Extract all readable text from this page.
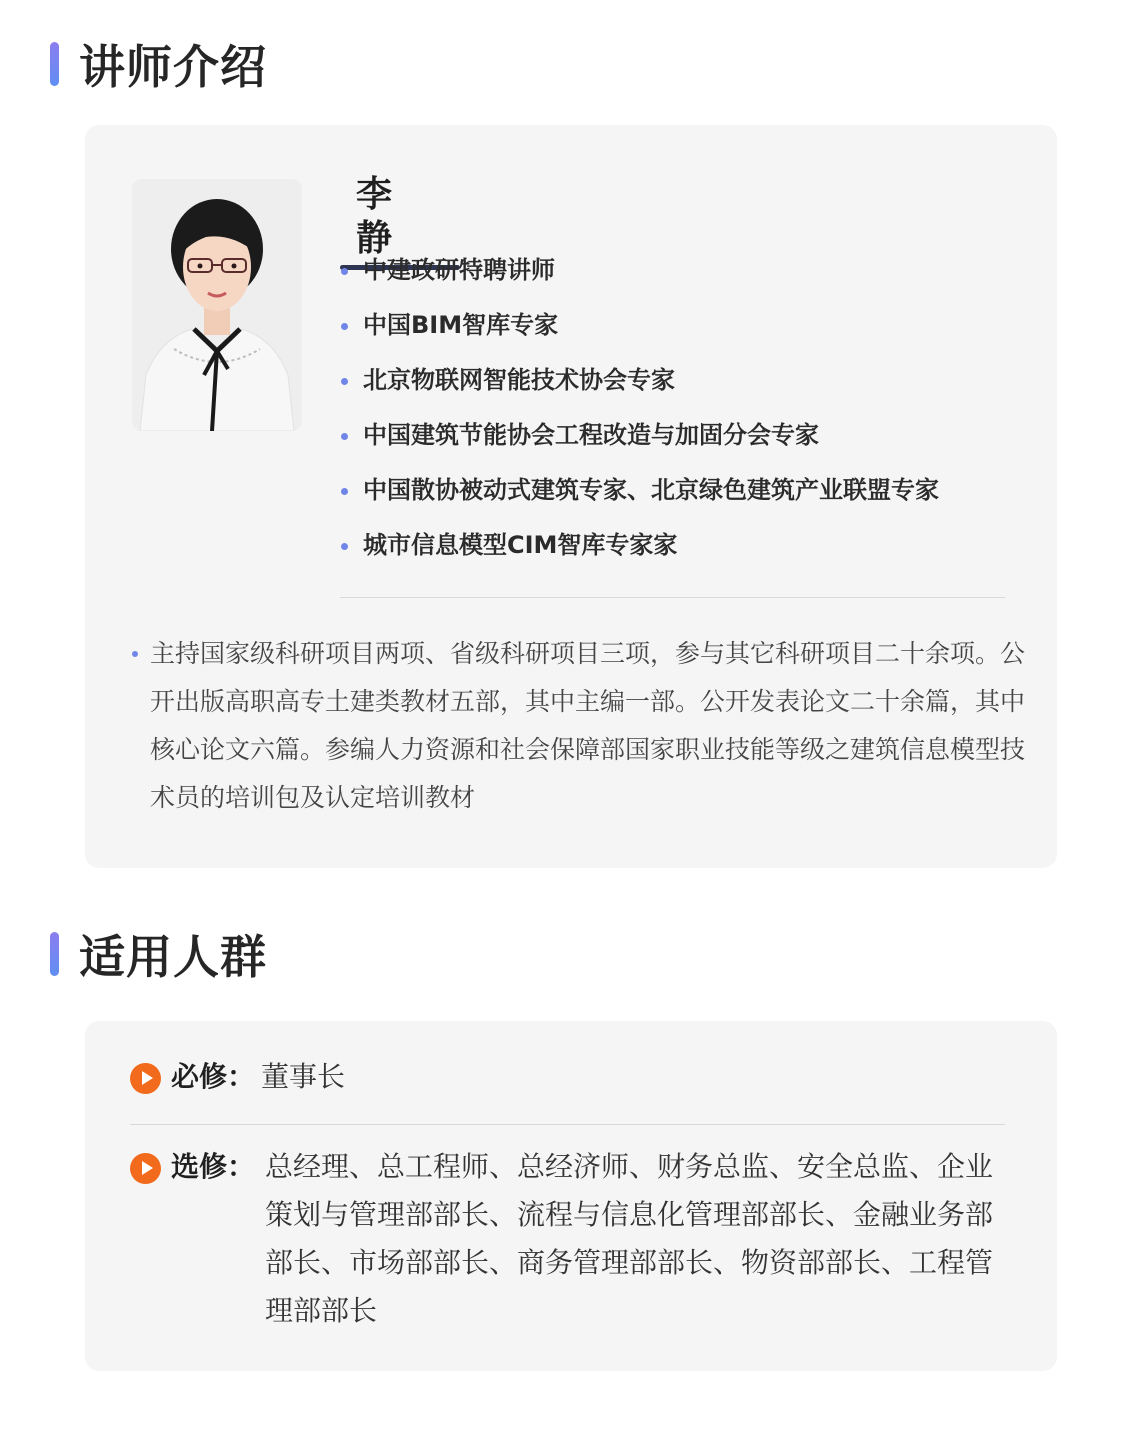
讲师介绍
李 静
中建政研特聘讲师
中国BIM智库专家
北京物联网智能技术协会专家
中国建筑节能协会工程改造与加固分会专家
中国散协被动式建筑专家、北京绿色建筑产业联盟专家
城市信息模型CIM智库专家家
主持国家级科研项目两项、省级科研项目三项，参与其它科研项目二十余项。公开出版高职高专土建类教材五部，其中主编一部。公开发表论文二十余篇，其中核心论文六篇。参编人力资源和社会保障部国家职业技能等级之建筑信息模型技术员的培训包及认定培训教材
适用人群
必修： 董事长
选修： 总经理、总工程师、总经济师、财务总监、安全总监、企业策划与管理部部长、流程与信息化管理部部长、金融业务部部长、市场部部长、商务管理部部长、物资部部长、工程管理部部长
